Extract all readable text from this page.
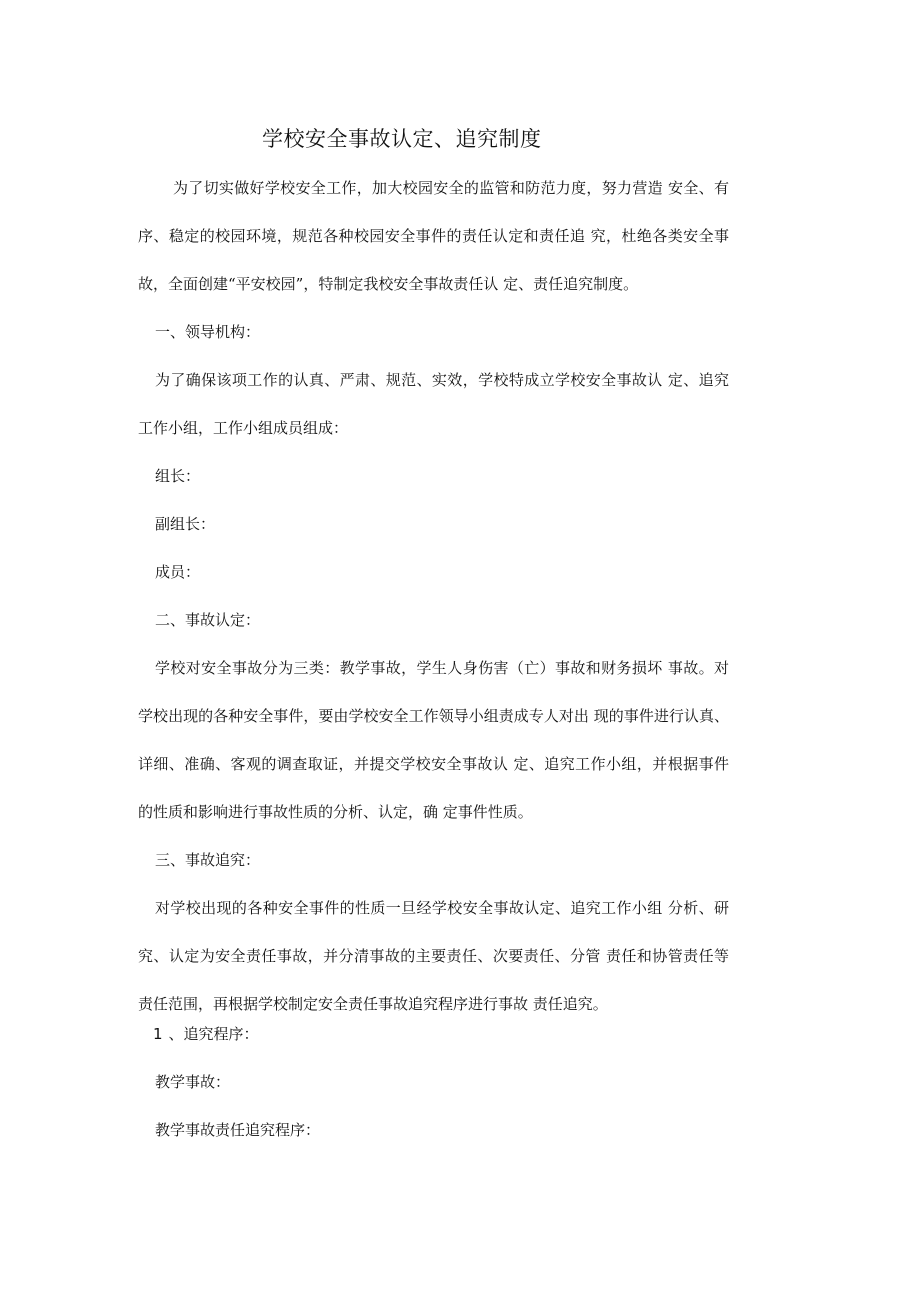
学校安全事故认定、追究制度
为了切实做好学校安全工作，加大校园安全的监管和防范力度，努力营造 安全、有
序、稳定的校园环境，规范各种校园安全事件的责任认定和责任追 究，杜绝各类安全事
故，全面创建“平安校园”，特制定我校安全事故责任认 定、责任追究制度。
一、领导机构：
为了确保该项工作的认真、严肃、规范、实效，学校特成立学校安全事故认 定、追究
工作小组，工作小组成员组成：
组长：
副组长：
成员：
二、事故认定：
学校对安全事故分为三类：教学事故，学生人身伤害（亡）事故和财务损坏 事故。对
学校出现的各种安全事件，要由学校安全工作领导小组责成专人对出 现的事件进行认真、
详细、准确、客观的调查取证，并提交学校安全事故认 定、追究工作小组，并根据事件
的性质和影响进行事故性质的分析、认定，确 定事件性质。
三、事故追究：
对学校出现的各种安全事件的性质一旦经学校安全事故认定、追究工作小组 分析、研
究、认定为安全责任事故，并分清事故的主要责任、次要责任、分管 责任和协管责任等
责任范围，再根据学校制定安全责任事故追究程序进行事故 责任追究。
1 、追究程序：
教学事故：
教学事故责任追究程序：
